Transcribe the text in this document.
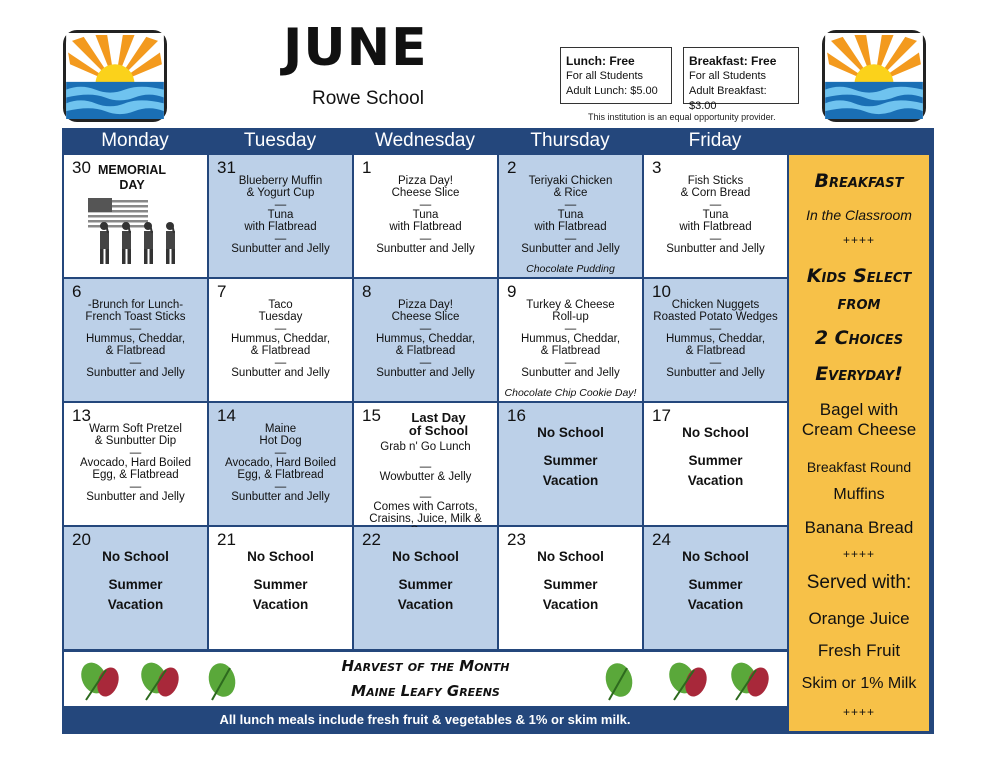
JUNE
Rowe School
Lunch: Free
For all Students
Adult Lunch: $5.00
Breakfast: Free
For all Students
Adult Breakfast: $3.00
This institution is an equal opportunity provider.
Monday	Tuesday	Wednesday	Thursday	Friday
30 MEMORIAL
DAY
31
Blueberry Muffin
& Yogurt Cup
—
Tuna
with Flatbread
—
Sunbutter and Jelly
1
Pizza Day!
Cheese Slice
—
Tuna
with Flatbread
—
Sunbutter and Jelly
2
Teriyaki Chicken
& Rice
—
Tuna
with Flatbread
—
Sunbutter and Jelly
Chocolate Pudding
3
Fish Sticks
& Corn Bread
—
Tuna
with Flatbread
—
Sunbutter and Jelly
6
-Brunch for Lunch-
French Toast Sticks
—
Hummus, Cheddar,
& Flatbread
—
Sunbutter and Jelly
7
Taco
Tuesday
—
Hummus, Cheddar,
& Flatbread
—
Sunbutter and Jelly
8
Pizza Day!
Cheese Slice
—
Hummus, Cheddar,
& Flatbread
—
Sunbutter and Jelly
9
Turkey & Cheese
Roll-up
—
Hummus, Cheddar,
& Flatbread
—
Sunbutter and Jelly
Chocolate Chip Cookie Day!
10
Chicken Nuggets
Roasted Potato Wedges
—
Hummus, Cheddar,
& Flatbread
—
Sunbutter and Jelly
13
Warm Soft Pretzel
& Sunbutter Dip
—
Avocado, Hard Boiled
Egg, & Flatbread
—
Sunbutter and Jelly
14
Maine
Hot Dog
—
Avocado, Hard Boiled
Egg, & Flatbread
—
Sunbutter and Jelly
15	Last Day
of School
Grab n' Go Lunch
—
Wowbutter & Jelly
—
Comes with Carrots,
Craisins, Juice, Milk &

16
No School
Summer
Vacation
17
No School
Summer
Vacation
20
No School
Summer
Vacation
21
No School
Summer
Vacation
22
No School
Summer
Vacation
23
No School
Summer
Vacation
24
No School
Summer
Vacation
Breakfast
In the Classroom
++++
Kids Select
from
2 Choices
Everyday!
Bagel with
Cream Cheese
Breakfast Round
Muffins
Banana Bread
++++
Served with:
Orange Juice
Fresh Fruit
Skim or 1% Milk
++++
Harvest of the Month
Maine Leafy Greens
All lunch meals include fresh fruit & vegetables & 1% or skim milk.
